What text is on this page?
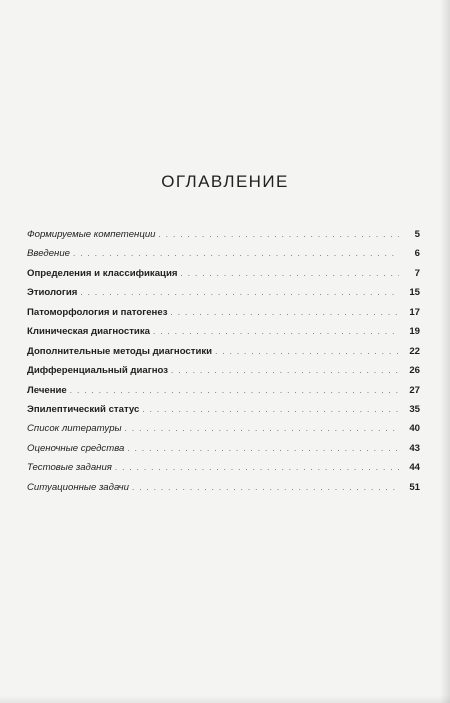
ОГЛАВЛЕНИЕ
Формируемые компетенции . . .	5
Введение . . .	6
Определения и классификация . . .	7
Этиология . . .	15
Патоморфология и патогенез . . .	17
Клиническая диагностика . . .	19
Дополнительные методы диагностики . . .	22
Дифференциальный диагноз . . .	26
Лечение . . .	27
Эпилептический статус . . .	35
Список литературы . . .	40
Оценочные средства . . .	43
Тестовые задания . . .	44
Ситуационные задачи . . .	51
